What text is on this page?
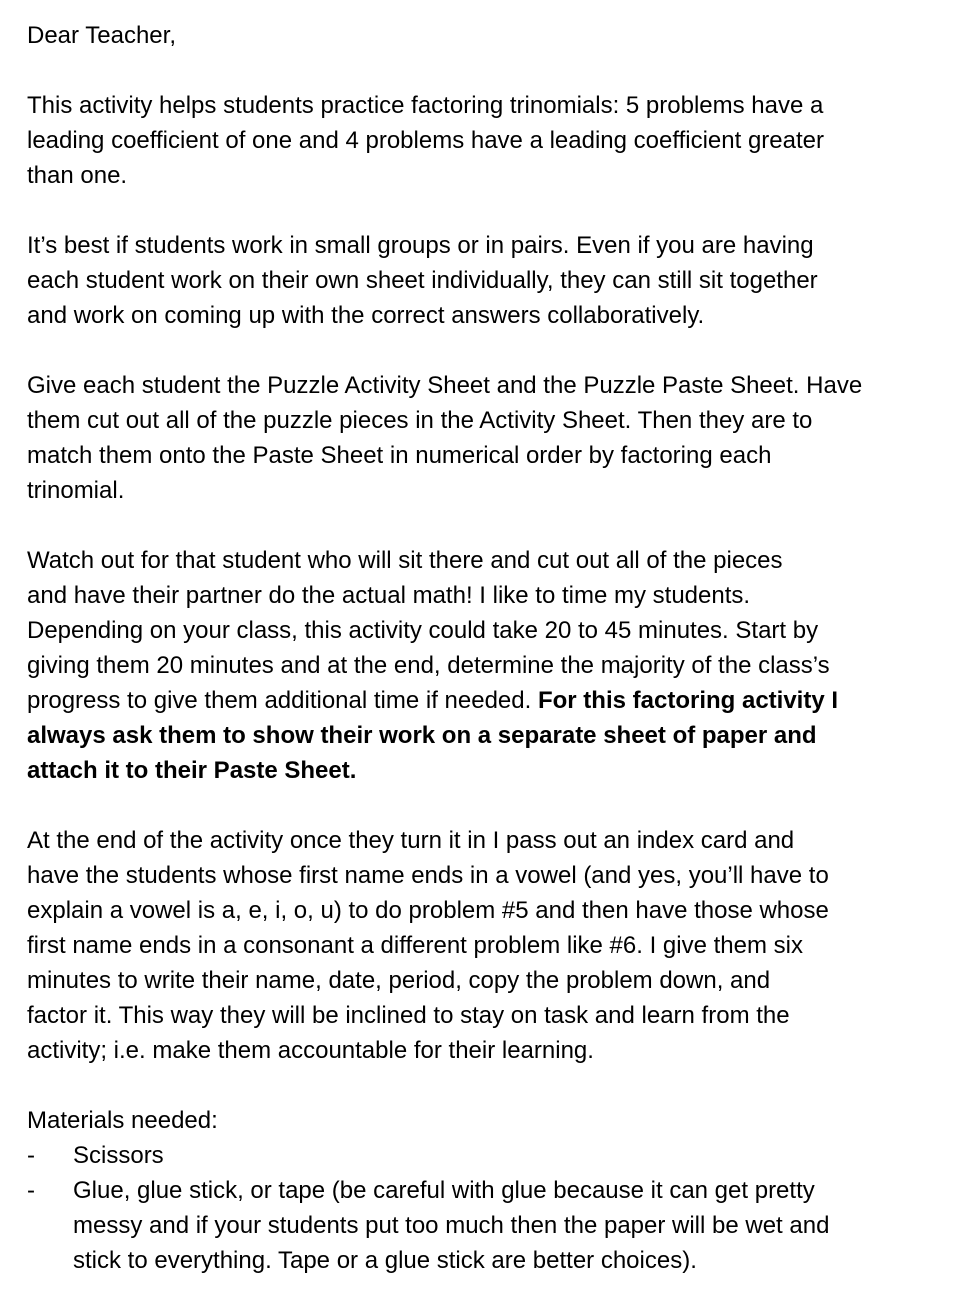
Dear Teacher,
This activity helps students practice factoring trinomials: 5 problems have a
leading coefficient of one and 4 problems have a leading coefficient greater
than one.
It’s best if students work in small groups or in pairs. Even if you are having
each student work on their own sheet individually, they can still sit together
and work on coming up with the correct answers collaboratively.
Give each student the Puzzle Activity Sheet and the Puzzle Paste Sheet. Have
them cut out all of the puzzle pieces in the Activity Sheet. Then they are to
match them onto the Paste Sheet in numerical order by factoring each
trinomial.
Watch out for that student who will sit there and cut out all of the pieces
and have their partner do the actual math! I like to time my students.
Depending on your class, this activity could take 20 to 45 minutes. Start by
giving them 20 minutes and at the end, determine the majority of the class’s
progress to give them additional time if needed. For this factoring activity I
always ask them to show their work on a separate sheet of paper and
attach it to their Paste Sheet.
At the end of the activity once they turn it in I pass out an index card and
have the students whose first name ends in a vowel (and yes, you’ll have to
explain a vowel is a, e, i, o, u) to do problem #5 and then have those whose
first name ends in a consonant a different problem like #6. I give them six
minutes to write their name, date, period, copy the problem down, and
factor it. This way they will be inclined to stay on task and learn from the
activity; i.e. make them accountable for their learning.
Materials needed:
- Scissors
- Glue, glue stick, or tape (be careful with glue because it can get pretty
messy and if your students put too much then the paper will be wet and
stick to everything. Tape or a glue stick are better choices).
